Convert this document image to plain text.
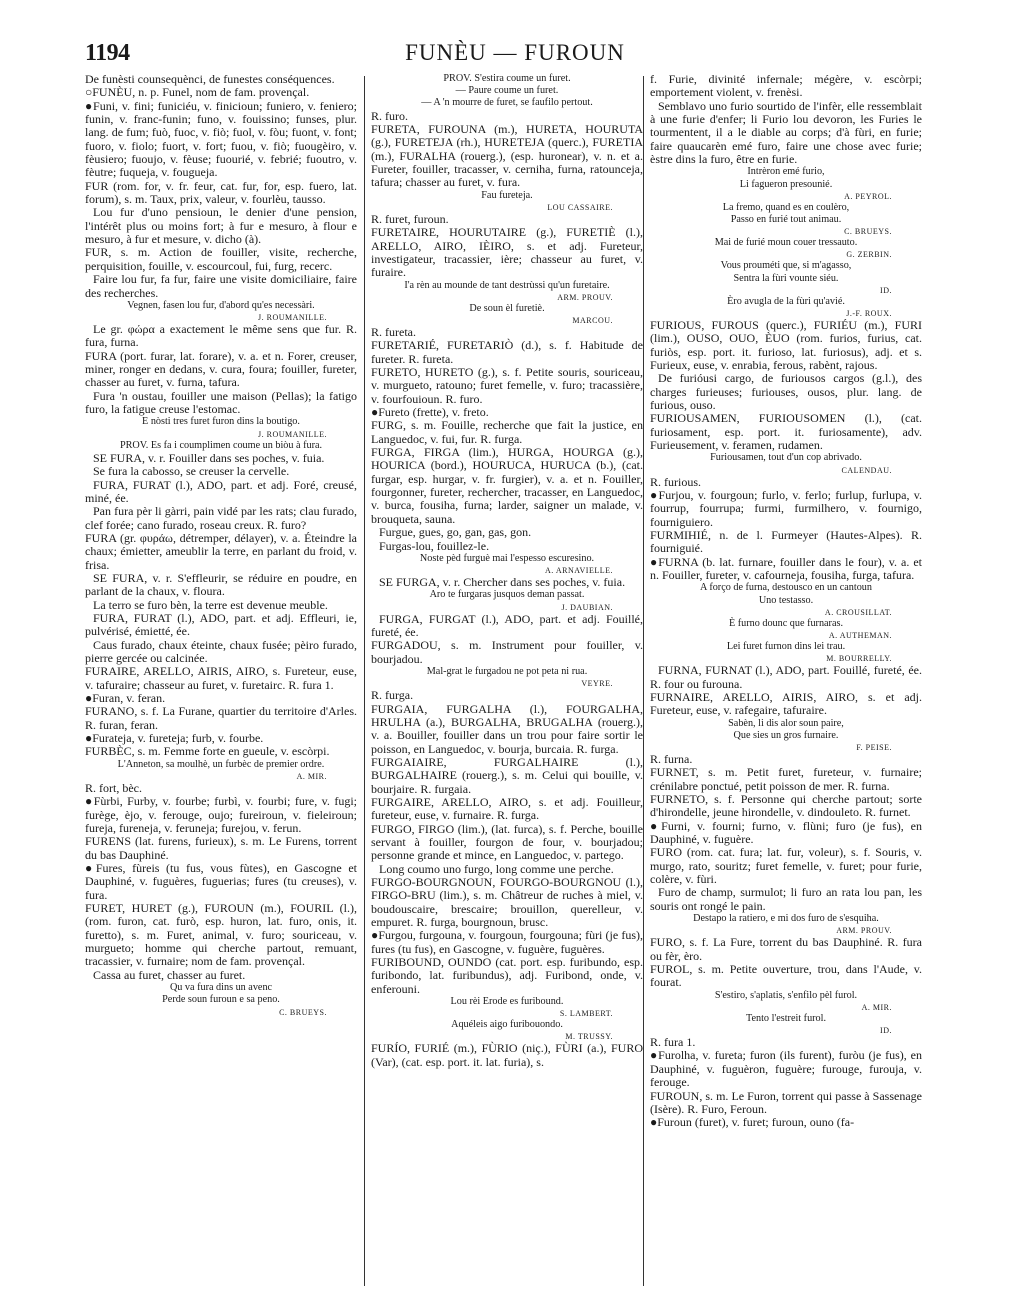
1194	FUNÈU — FUROUN

De funèsti counsequènci, de funestes conséquences.

○FUNÈU, n. p. Funel, nom de fam. provençal.

●Funi, v. fini; funiciéu, v. finicioun; funiero, v. feniero; funin, v. franc-funin; funo, v. fouissino; funses, plur. lang. de fum; fuò, fuoc, v. fiò; fuol, v. fòu; fuont, v. font; fuoro, v. fiolo; fuort, v. fort; fuou, v. fiò; fuougèiro, v. fèusiero; fuoujo, v. fèuse; fuourié, v. febrié; fuoutro, v. fèutre; fuqueja, v. fougueja.

FUR (rom. for, v. fr. feur, cat. fur, for, esp. fuero, lat. forum), s. m. Taux, prix, valeur, v. fourlèu, tausso.

Lou fur d'uno pensioun, le denier d'une pension, l'intérêt plus ou moins fort; à fur e mesuro, à flour e mesuro, à fur et mesure, v. dicho (à).

FUR, s. m. Action de fouiller, visite, recherche, perquisition, fouille, v. escourcoul, fui, furg, recerc.

Faire lou fur, fa fur, faire une visite domiciliaire, faire des recherches.

Vegnen, fasen lou fur, d'abord qu'es necessàri.
J. ROUMANILLE.

Le gr. φώρα a exactement le même sens que fur. R. fura, furna.

FURA (port. furar, lat. forare), v. a. et n. Forer, creuser, miner, ronger en dedans, v. cura, foura; fouiller, fureter, chasser au furet, v. furna, tafura.

Fura 'n oustau, fouiller une maison (Pellas); la fatigo furo, la fatigue creuse l'estomac.

E nòsti tres furet furon dins la boutigo.
J. ROUMANILLE.
PROV. Es fa i coumplimen coume un biòu à fura.

SE FURA, v. r. Fouiller dans ses poches, v. fuia.

Se fura la cabosso, se creuser la cervelle.

FURA, FURAT (l.), ADO, part. et adj. Foré, creusé, miné, ée.

Pan fura pèr li gàrri, pain vidé par les rats; clau furado, clef forée; cano furado, roseau creux. R. furo?

FURA (gr. φυράω, détremper, délayer), v. a. Éteindre la chaux; émietter, ameublir la terre, en parlant du froid, v. frisa.

SE FURA, v. r. S'effleurir, se réduire en poudre, en parlant de la chaux, v. floura.

La terro se furo bèn, la terre est devenue meuble.

FURA, FURAT (l.), ADO, part. et adj. Effleuri, ie, pulvérisé, émietté, ée.

Caus furado, chaux éteinte, chaux fusée; pèiro furado, pierre gercée ou calcinée.

FURAIRE, ARELLO, AIRIS, AIRO, s. Fureteur, euse, v. tafuraire; chasseur au furet, v. furetairc. R. fura 1.

●Furan, v. feran.

FURANO, s. f. La Furane, quartier du territoire d'Arles. R. furan, feran.

●Furateja, v. fureteja; furb, v. fourbe.

FURBÈC, s. m. Femme forte en gueule, v. escòrpi.

L'Anneton, sa moulhè, un furbèc de premier ordre.
A. MIR.

R. fort, bèc.

●Fùrbi, Furby, v. fourbe; furbì, v. fourbi; fure, v. fugi; furège, èjo, v. ferouge, oujo; fureiroun, v. fieleiroun; fureja, fureneja, v. feruneja; furejou, v. ferun.

FURENS (lat. furens, furieux), s. m. Le Furens, torrent du bas Dauphiné.

●Fures, fùreis (tu fus, vous fùtes), en Gascogne et Dauphiné, v. fuguères, fuguerias; fures (tu creuses), v. fura.

FURET, HURET (g.), FUROUN (m.), FOURIL (l.), (rom. furon, cat. furò, esp. huron, lat. furo, onis, it. furetto), s. m. Furet, animal, v. furo; souriceau, v. murgueto; homme qui cherche partout, remuant, tracassier, v. furnaire; nom de fam. provençal.

Cassa au furet, chasser au furet.

Qu va fura dins un avenc
Perde soun furoun e sa peno.
C. BRUEYS.
PROV. S'estira coume un furet.
— Paure coume un furet.
— A 'n mourre de furet, se faufilo pertout.

R. furo.

FURETA, FUROUNA (m.), HURETA, HOURUTA (g.), FURETEJA (rh.), HURETEJA (querc.), FURETIA (m.), FURALHA (rouerg.), (esp. huronear), v. n. et a. Fureter, fouiller, tracasser, v. cerniha, furna, ratounceja, tafura; chasser au furet, v. fura.

Fau fureteja.
LOU CASSAIRE.

R. furet, furoun.

FURETAIRE, HOURUTAIRE (g.), FURETIÈ (l.), ARELLO, AIRO, IÈIRO, s. et adj. Fureteur, investigateur, tracassier, ière; chasseur au furet, v. furaire.

I'a rèn au mounde de tant destrùssi qu'un furetaire.
ARM. PROUV.
De soun èl furetiè.
MARCOU.

R. fureta.

FURETARIÉ, FURETARIÒ (d.), s. f. Habitude de fureter. R. fureta.

FURETO, HURETO (g.), s. f. Petite souris, souriceau, v. murgueto, ratouno; furet femelle, v. furo; tracassière, v. fourfouioun. R. furo.

●Fureto (frette), v. freto.

FURG, s. m. Fouille, recherche que fait la justice, en Languedoc, v. fui, fur. R. furga.

FURGA, FIRGA (lim.), HURGA, HOURGA (g.), HOURICA (bord.), HOURUCA, HURUCA (b.), (cat. furgar, esp. hurgar, v. fr. furgier), v. a. et n. Fouiller, fourgonner, fureter, rechercher, tracasser, en Languedoc, v. burca, fousiha, furna; larder, saigner un malade, v. brouqueta, sauna.

Furgue, gues, go, gan, gas, gon.

Furgas-lou, fouillez-le.

Noste pèd furguè mai l'espesso escuresino.
A. ARNAVIELLE.

SE FURGA, v. r. Chercher dans ses poches, v. fuia.

Aro te furgaras jusquos deman passat.
J. DAUBIAN.

FURGA, FURGAT (l.), ADO, part. et adj. Fouillé, fureté, ée.

FURGADOU, s. m. Instrument pour fouiller, v. bourjadou.

Mal-grat le furgadou ne pot peta ni rua.
VEYRE.

R. furga.

FURGAIA, FURGALHA (l.), FOURGALHA, HRULHA (a.), BURGALHA, BRUGALHA (rouerg.), v. a. Bouiller, fouiller dans un trou pour faire sortir le poisson, en Languedoc, v. bourja, burcaia. R. furga.

FURGAIAIRE, FURGALHAIRE (l.), BURGALHAIRE (rouerg.), s. m. Celui qui bouille, v. bourjaire. R. furgaia.

FURGAIRE, ARELLO, AIRO, s. et adj. Fouilleur, fureteur, euse, v. furnaire. R. furga.

FURGO, FIRGO (lim.), (lat. furca), s. f. Perche, bouille servant à fouiller, fourgon de four, v. bourjadou; personne grande et mince, en Languedoc, v. partego.

Long coumo uno furgo, long comme une perche.

FURGO-BOURGNOUN, FOURGO-BOURGNOU (l.), FIRGO-BRU (lim.), s. m. Châtreur de ruches à miel, v. boudouscaire, brescaire; brouillon, querelleur, v. empuret. R. furga, bourgnoun, brusc.

●Furgou, furgouna, v. fourgoun, fourgouna; fùri (je fus), fures (tu fus), en Gascogne, v. fuguère, fuguères.

FURIBOUND, OUNDO (cat. port. esp. furibundo, esp. furibondo, lat. furibundus), adj. Furibond, onde, v. enferouni.

Lou rèi Erode es furibound.
S. LAMBERT.
Aquéleis aigo furibouondo.
M. TRUSSY.

FURÍO, FURIÉ (m.), FÙRIO (niç.), FÙRI (a.), FURO (Var), (cat. esp. port. it. lat. furia), s.

f. Furie, divinité infernale; mégère, v. escòrpi; emportement violent, v. frenèsi.

Semblavo uno furio sourtido de l'infèr, elle ressemblait à une furie d'enfer; li Furio lou devoron, les Furies le tourmentent, il a le diable au corps; d'à fùri, en furie; faire quaucarèn emé furo, faire une chose avec furie; èstre dins la furo, être en furie.

Intrèron emé furio,
Li fagueron presounié.
A. PEYROL.
La fremo, quand es en coulèro,
Passo en furié tout animau.
C. BRUEYS.
Mai de furié moun couer tressauto.
G. ZERBIN.
Vous prouméti que, si m'agasso,
Sentra la fùri vounte siéu.
ID.
Èro avugla de la fùri qu'avié.
J.-F. ROUX.

FURIOUS, FUROUS (querc.), FURIÉU (m.), FURI (lim.), OUSO, OUO, ÈUO (rom. furios, furius, cat. furiòs, esp. port. it. furioso, lat. furiosus), adj. et s. Furieux, euse, v. enrabia, ferous, rabènt, rajous.

De furióusi cargo, de furiousos cargos (g.l.), des charges furieuses; furiouses, ousos, plur. lang. de furious, ouso.

FURIOUSAMEN, FURIOUSOMEN (l.), (cat. furiosament, esp. port. it. furiosamente), adv. Furieusement, v. feramen, rudamen.

Furiousamen, tout d'un cop abrivado.
CALENDAU.

R. furious.

●Furjou, v. fourgoun; furlo, v. ferlo; furlup, furlupa, v. fourrup, fourrupa; furmi, furmilhero, v. fournigo, fourniguiero.

FURMIHIÉ, n. de l. Furmeyer (Hautes-Alpes). R. fourniguié.

●FURNA (b. lat. furnare, fouiller dans le four), v. a. et n. Fouiller, fureter, v. cafourneja, fousiha, furga, tafura.

A forço de furna, destousco en un cantoun
Uno testasso.
A. CROUSILLAT.
È furno dounc que furnaras.
A. AUTHEMAN.
Lei furet furnon dins lei trau.
M. BOURRELLY.

FURNA, FURNAT (l.), ADO, part. Fouillé, fureté, ée. R. four ou furouna.

FURNAIRE, ARELLO, AIRIS, AIRO, s. et adj. Fureteur, euse, v. rafegaire, tafuraire.

Sabèn, li dis alor soun paire,
Que sies un gros furnaire.
F. PEISE.

R. furna.

FURNET, s. m. Petit furet, fureteur, v. furnaire; crénilabre ponctué, petit poisson de mer. R. furna.

FURNETO, s. f. Personne qui cherche partout; sorte d'hirondelle, jeune hirondelle, v. dindouleto. R. furnet.

●Furni, v. fourni; furno, v. flùni; furo (je fus), en Dauphiné, v. fuguère.

FURO (rom. cat. fura; lat. fur, voleur), s. f. Souris, v. murgo, rato, souritz; furet femelle, v. furet; pour furie, colère, v. fùri.

Furo de champ, surmulot; li furo an rata lou pan, les souris ont rongé le pain.

Destapo la ratiero, e mi dos furo de s'esquiha.
ARM. PROUV.

FURO, s. f. La Fure, torrent du bas Dauphiné. R. fura ou fèr, èro.

FUROL, s. m. Petite ouverture, trou, dans l'Aude, v. fourat.

S'estiro, s'aplatis, s'enfilo pèl furol.
A. MIR.
Tento l'estreit furol.
ID.

R. fura 1.

●Furolha, v. fureta; furon (ils furent), furòu (je fus), en Dauphiné, v. fuguèron, fuguère; furouge, furouja, v. ferouge.

FUROUN, s. m. Le Furon, torrent qui passe à Sassenage (Isère). R. Furo, Feroun.

●Furoun (furet), v. furet; furoun, ouno (fa-
